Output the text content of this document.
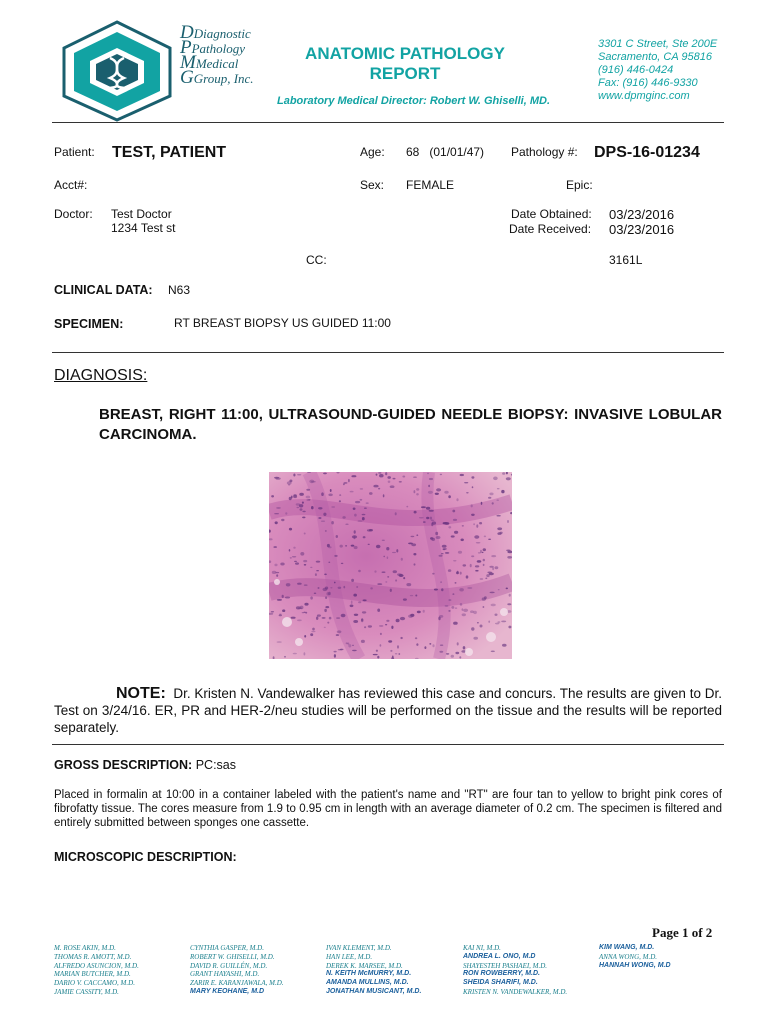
DDiagnostic
PPathology
MMedical
GGroup, Inc.
ANATOMIC PATHOLOGY
REPORT
Laboratory Medical Director: Robert W. Ghiselli, MD.
3301 C Street, Ste 200E
Sacramento, CA 95816
(916) 446-0424
Fax: (916) 446-9330
www.dpmginc.com
Patient: TEST, PATIENT	Age: 68   (01/01/47) Pathology #: DPS-16-01234
Acct#:	Sex: FEMALE	Epic:
Doctor: Test Doctor
1234 Test st
Date Obtained: 03/23/2016
Date Received: 03/23/2016
CC:	3161L
CLINICAL DATA: N63
SPECIMEN:	RT BREAST BIOPSY US GUIDED 11:00
DIAGNOSIS:
BREAST, RIGHT 11:00, ULTRASOUND-GUIDED NEEDLE BIOPSY: INVASIVE LOBULAR CARCINOMA.
NOTE: Dr. Kristen N. Vandewalker has reviewed this case and concurs. The results are given to Dr. Test on 3/24/16. ER, PR and HER-2/neu studies will be performed on the tissue and the results will be reported separately.
GROSS DESCRIPTION: PC:sas
Placed in formalin at 10:00 in a container labeled with the patient's name and "RT" are four tan to yellow to bright pink cores of fibrofatty tissue. The cores measure from 1.9 to 0.95 cm in length with an average diameter of 0.2 cm. The specimen is filtered and entirely submitted between sponges one cassette.
MICROSCOPIC DESCRIPTION:
Page 1 of 2
M. ROSE AKIN, M.D.
THOMAS R. AMOTT, M.D.
ALFREDO ASUNCION, M.D.
MARIAN BUTCHER, M.D.
DARIO V. CACCAMO, M.D.
JAMIE CASSITY, M.D.
CYNTHIA GASPER, M.D.
ROBERT W. GHISELLI, M.D.
DAVID R. GUILLÉN, M.D.
GRANT HAYASHI, M.D.
ZARIR E. KARANJAWALA, M.D.
MARY KEOHANE, M.D
IVAN KLEMENT, M.D.
HAN LEE, M.D.
DEREK K. MARSEE, M.D.
N. KEITH McMURRY, M.D.
AMANDA MULLINS, M.D.
JONATHAN MUSICANT, M.D.
KAI NI, M.D.
ANDREA L. ONO, M.D
SHAYESTEH PASHAEI, M.D.
RON ROWBERRY, M.D.
SHEIDA SHARIFI, M.D.
KRISTEN N. VANDEWALKER, M.D.
KIM WANG, M.D.
ANNA WONG, M.D.
HANNAH WONG, M.D
